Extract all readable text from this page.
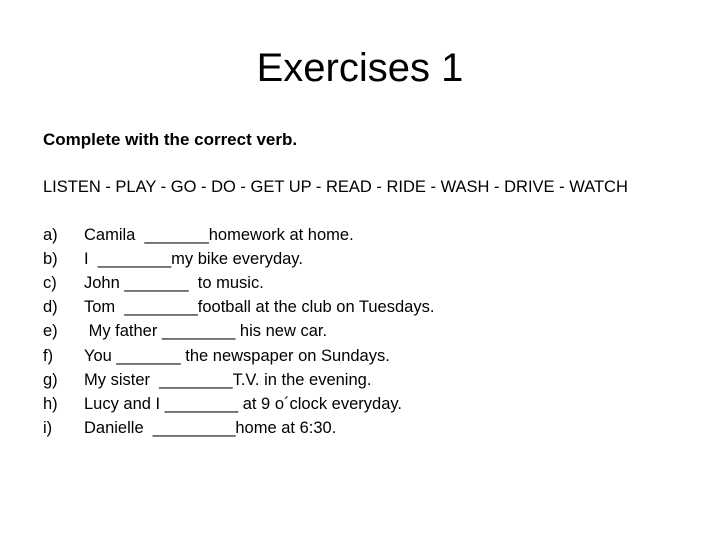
Exercises 1
Complete with the correct verb.
LISTEN - PLAY - GO - DO - GET UP - READ - RIDE - WASH - DRIVE - WATCH
a)	Camila  _______homework at home.
b)	I  ________my bike everyday.
c)	John _______  to music.
d)	Tom  ________football at the club on Tuesdays.
e)	My father ________ his new car.
f)	You _______ the newspaper on Sundays.
g)	My sister  ________T.V. in the evening.
h)	Lucy and I ________ at 9 o´clock everyday.
i)	Danielle  _________home at 6:30.
